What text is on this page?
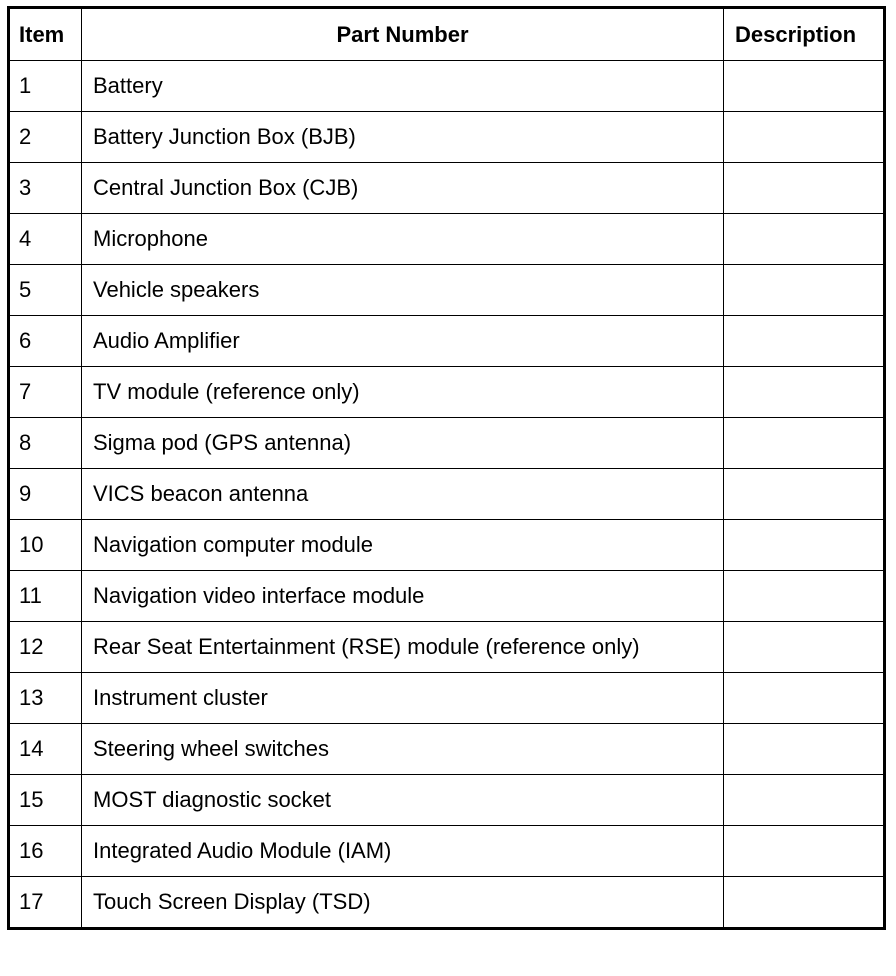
Item	Part Number	Description
1	Battery	
2	Battery Junction Box (BJB)	
3	Central Junction Box (CJB)	
4	Microphone	
5	Vehicle speakers	
6	Audio Amplifier	
7	TV module (reference only)	
8	Sigma pod (GPS antenna)	
9	VICS beacon antenna	
10	Navigation computer module	
11	Navigation video interface module	
12	Rear Seat Entertainment (RSE) module (reference only)	
13	Instrument cluster	
14	Steering wheel switches	
15	MOST diagnostic socket	
16	Integrated Audio Module (IAM)	
17	Touch Screen Display (TSD)	
